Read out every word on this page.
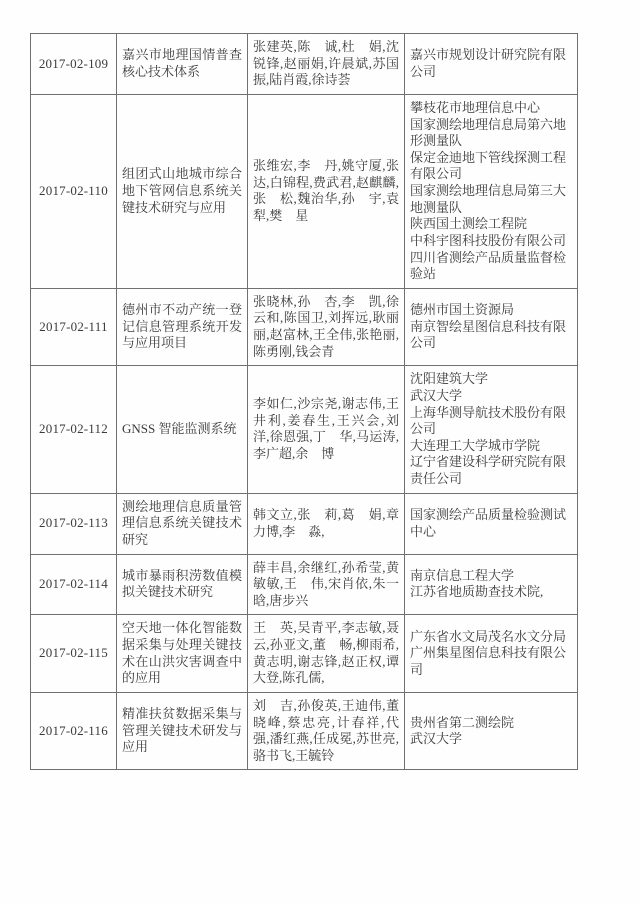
2017-02-109	嘉兴市地理国情普查核心技术体系	张建英,陈　诚,杜　娟,沈锐锋,赵丽娟,许晨斌,苏国振,陆肖霞,徐诗荟	嘉兴市规划设计研究院有限公司

2017-02-110	组团式山地城市综合地下管网信息系统关键技术研究与应用	张维宏,李　丹,姚守厦,张　达,白锦程,费武君,赵麒麟,张　松,魏治华,孙　宇,袁　犁,樊　星	
攀枝花市地理信息中心
国家测绘地理信息局第六地形测量队
保定金迪地下管线探测工程有限公司
国家测绘地理信息局第三大地测量队
陕西国土测绘工程院
中科宇图科技股份有限公司
四川省测绘产品质量监督检验站

2017-02-111	德州市不动产统一登记信息管理系统开发与应用项目	张晓林,孙　杏,李　凯,徐云和,陈国卫,刘挥远,耿丽丽,赵富林,王全伟,张艳丽,陈勇刚,钱会青	德州市国土资源局
南京智绘星图信息科技有限公司

2017-02-112	GNSS 智能监测系统	李如仁,沙宗尧,谢志伟,王井利,姜春生,王兴会,刘　洋,徐恩强,丁　华,马运涛,李广超,余　博	沈阳建筑大学
武汉大学
上海华测导航技术股份有限公司
大连理工大学城市学院
辽宁省建设科学研究院有限责任公司

2017-02-113	测绘地理信息质量管理信息系统关键技术研究	韩文立,张　莉,葛　娟,章力博,李　淼,	国家测绘产品质量检验测试中心

2017-02-114	城市暴雨积涝数值模拟关键技术研究	薛丰昌,余继红,孙希莹,黄敏敏,王　伟,宋肖依,朱一晗,唐步兴	南京信息工程大学
江苏省地质勘查技术院,

2017-02-115	空天地一体化智能数据采集与处理关键技术在山洪灾害调查中的应用	王　英,吴青平,李志敏,聂　云,孙亚文,董　畅,柳雨希,黄志明,谢志锋,赵正权,谭大登,陈孔儒,	广东省水文局茂名水文分局
广州集星图信息科技有限公司

2017-02-116	精准扶贫数据采集与管理关键技术研发与应用	刘　吉,孙俊英,王迪伟,董晓峰,蔡忠亮,计春祥,代　强,潘红燕,任成冕,苏世亮,骆书飞,王毓铃	贵州省第二测绘院
武汉大学
